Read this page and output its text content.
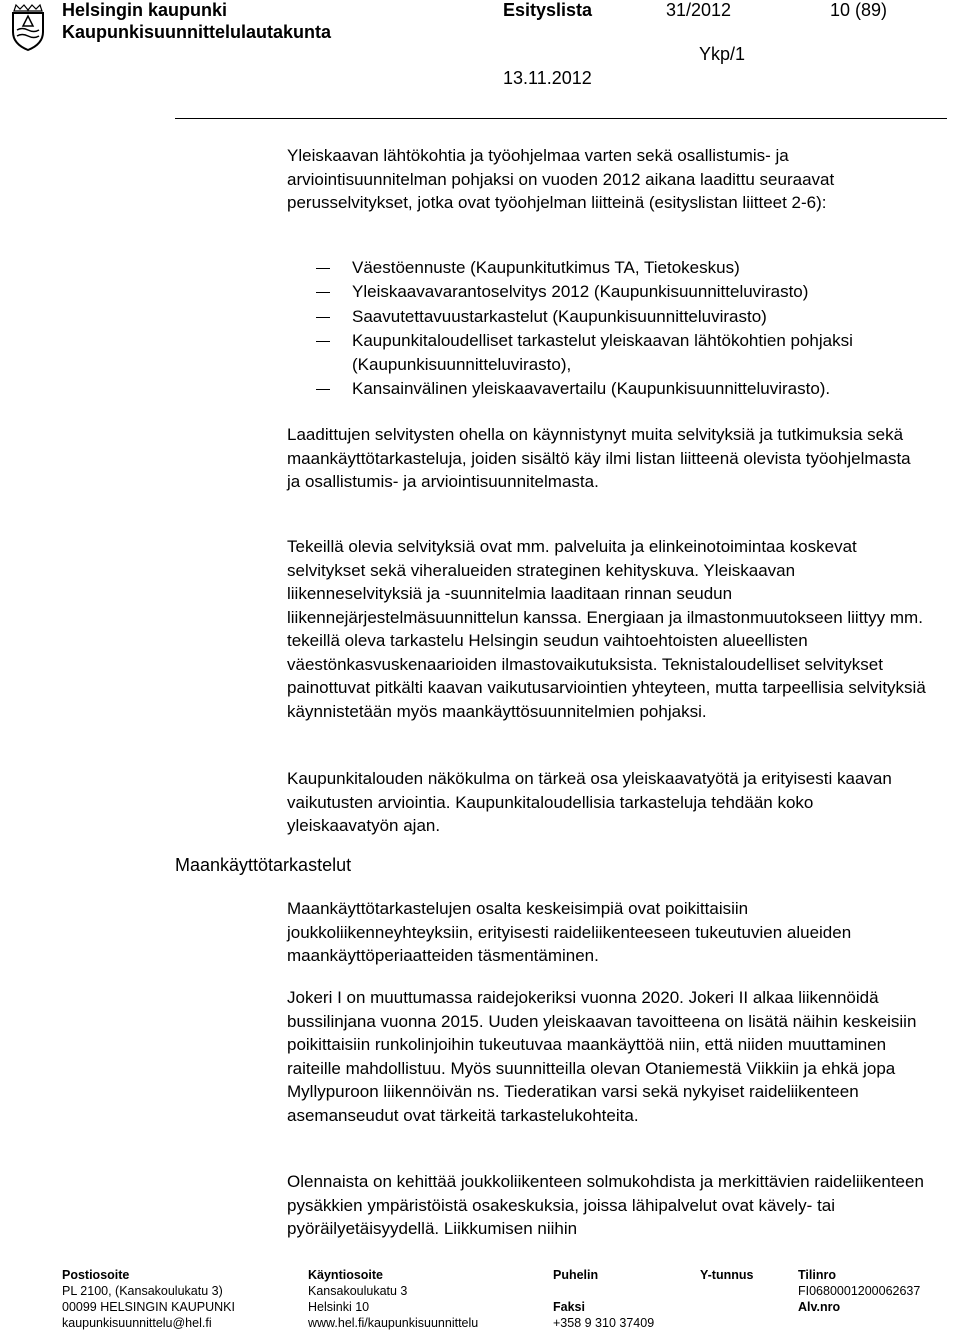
Helsingin kaupunki
Kaupunkisuunnittelulautakunta
Esityslista	31/2012	10 (89)
Ykp/1
13.11.2012

Yleiskaavan lähtökohtia ja työohjelmaa varten sekä osallistumis- ja arviointisuunnitelman pohjaksi on vuoden 2012 aikana laadittu seuraavat perusselvitykset, jotka ovat työohjelman liitteinä (esityslistan liitteet 2-6):

Väestöennuste (Kaupunkitutkimus TA, Tietokeskus)
Yleiskaavavarantoselvitys 2012 (Kaupunkisuunnitteluvirasto)
Saavutettavuustarkastelut (Kaupunkisuunnitteluvirasto)
Kaupunkitaloudelliset tarkastelut yleiskaavan lähtökohtien pohjaksi (Kaupunkisuunnitteluvirasto),
Kansainvälinen yleiskaavavertailu (Kaupunkisuunnitteluvirasto).

Laadittujen selvitysten ohella on käynnistynyt muita selvityksiä ja tutkimuksia sekä maankäyttötarkasteluja, joiden sisältö käy ilmi listan liitteenä olevista työohjelmasta ja osallistumis- ja arviointisuunnitelmasta.

Tekeillä olevia selvityksiä ovat mm. palveluita ja elinkeinotoimintaa koskevat selvitykset sekä viheralueiden strateginen kehityskuva. Yleiskaavan liikenneselvityksiä ja -suunnitelmia laaditaan rinnan seudun liikennejärjestelmäsuunnittelun kanssa. Energiaan ja ilmastonmuutokseen liittyy mm. tekeillä oleva tarkastelu Helsingin seudun vaihtoehtoisten alueellisten väestönkasvuskenaarioiden ilmastovaikutuksista. Teknistaloudelliset selvitykset painottuvat pitkälti kaavan vaikutusarviointien yhteyteen, mutta tarpeellisia selvityksiä käynnistetään myös maankäyttösuunnitelmien pohjaksi.

Kaupunkitalouden näkökulma on tärkeä osa yleiskaavatyötä ja erityisesti kaavan vaikutusten arviointia. Kaupunkitaloudellisia tarkasteluja tehdään koko yleiskaavatyön ajan.

Maankäyttötarkastelut

Maankäyttötarkastelujen osalta keskeisimpiä ovat poikittaisiin joukkoliikenneyhteyksiin, erityisesti raideliikenteeseen tukeutuvien alueiden maankäyttöperiaatteiden täsmentäminen.

Jokeri I on muuttumassa raidejokeriksi vuonna 2020. Jokeri II alkaa liikennöidä bussilinjana vuonna 2015. Uuden yleiskaavan tavoitteena on lisätä näihin keskeisiin poikittaisiin runkolinjoihin tukeutuvaa maankäyttöä niin, että niiden muuttaminen raiteille mahdollistuu. Myös suunnitteilla olevan Otaniemestä Viikkiin ja ehkä jopa Myllypuroon liikennöivän ns. Tiederatikan varsi sekä nykyiset raideliikenteen asemanseudut ovat tärkeitä tarkastelukohteita.

Olennaista on kehittää joukkoliikenteen solmukohdista ja merkittävien raideliikenteen pysäkkien ympäristöistä osakeskuksia, joissa lähipalvelut ovat kävely- tai pyöräilyetäisyydellä. Liikkumisen niihin

Postiosoite
PL 2100, (Kansakoulukatu 3)
00099 HELSINGIN KAUPUNKI
kaupunkisuunnittelu@hel.fi
Käyntiosoite
Kansakoulukatu 3
Helsinki 10
www.hel.fi/kaupunkisuunnittelu
Puhelin

Faksi
+358 9 310 37409
Y-tunnus	Tilinro
FI0680001200062637
Alv.nro
